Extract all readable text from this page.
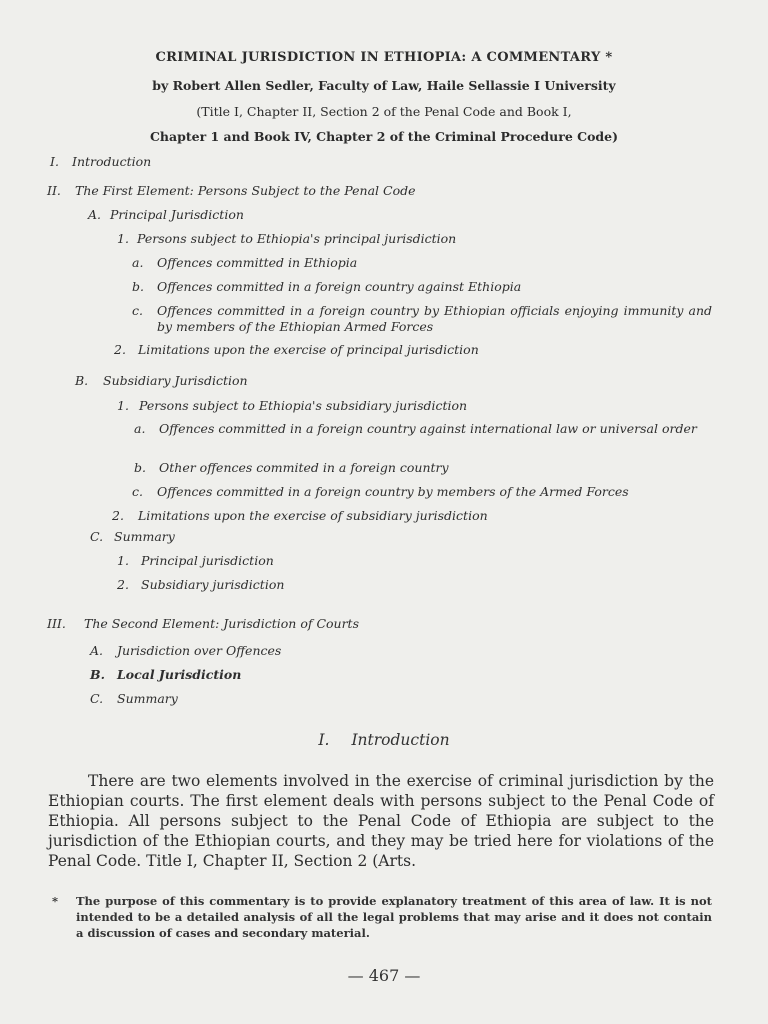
CRIMINAL JURISDICTION IN ETHIOPIA: A COMMENTARY *
by Robert Allen Sedler, Faculty of Law, Haile Sellassie I University
(Title I, Chapter II, Section 2 of the Penal Code and Book I,
Chapter 1 and Book IV, Chapter 2 of the Criminal Procedure Code)
I. Introduction
II. The First Element: Persons Subject to the Penal Code
A. Principal Jurisdiction
1. Persons subject to Ethiopia's principal jurisdiction
a. Offences committed in Ethiopia
b. Offences committed in a foreign country against Ethiopia
c.	Offences committed in a foreign country by Ethiopian officials enjoying immunity and by members of the Ethiopian Armed Forces
2. Limitations upon the exercise of principal jurisdiction
B. Subsidiary Jurisdiction
1. Persons subject to Ethiopia's subsidiary jurisdiction
a.	Offences committed in a foreign country against international law or universal order
b. Other offences commited in a foreign country
c. Offences committed in a foreign country by members of the Armed Forces
2. Limitations upon the exercise of subsidiary jurisdiction
C. Summary
1. Principal jurisdiction
2. Subsidiary jurisdiction
III. The Second Element: Jurisdiction of Courts
A. Jurisdiction over Offences
B. Local Jurisdiction
C. Summary
I. Introduction

There are two elements involved in the exercise of criminal jurisdiction by the Ethiopian courts. The first element deals with persons subject to the Penal Code of Ethiopia. All persons subject to the Penal Code of Ethiopia are subject to the jurisdiction of the Ethiopian courts, and they may be tried here for violations of the Penal Code. Title I, Chapter II, Section 2 (Arts.

*	The purpose of this commentary is to provide explanatory treatment of this area of law. It is not intended to be a detailed analysis of all the legal problems that may arise and it does not contain a discussion of cases and secondary material.
— 467 —
